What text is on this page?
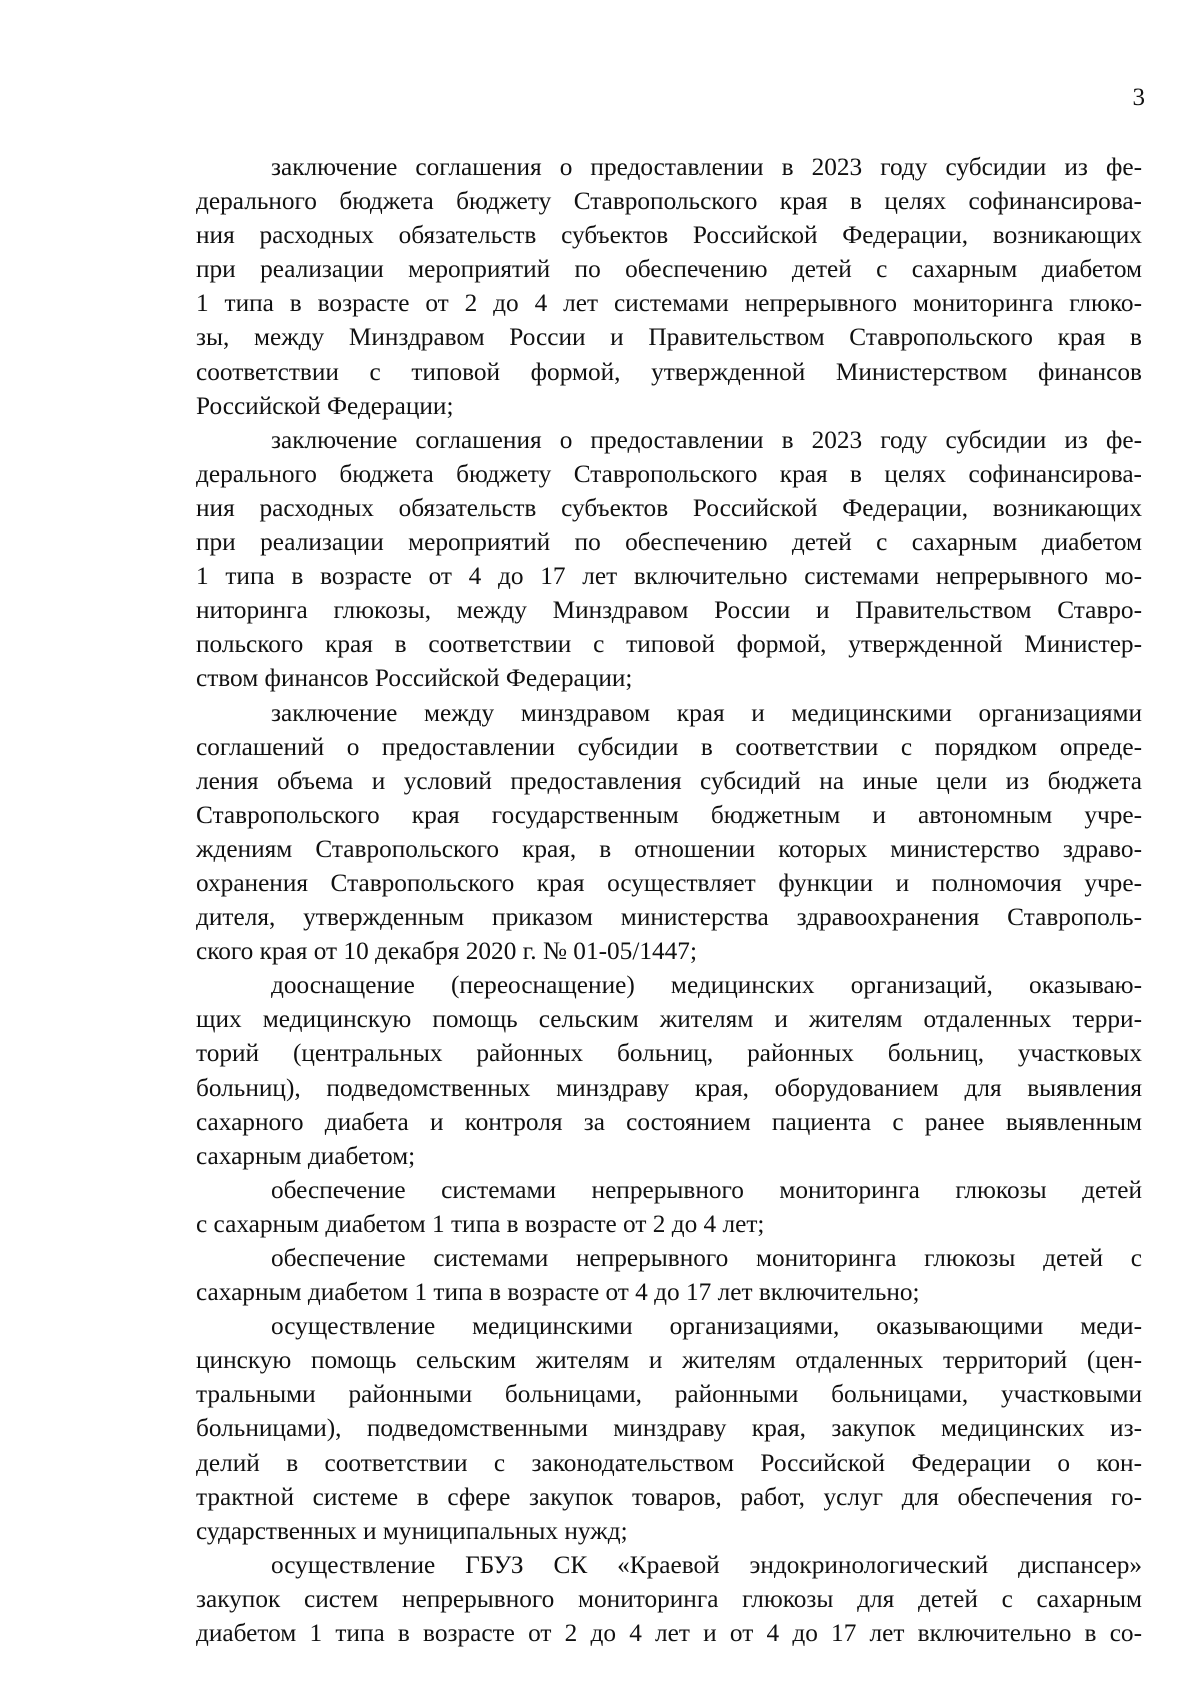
3
заключение соглашения о предоставлении в 2023 году субсидии из фе-
дерального бюджета бюджету Ставропольского края в целях софинансирова-
ния расходных обязательств субъектов Российской Федерации, возникающих
при реализации мероприятий по обеспечению детей с сахарным диабетом
1 типа в возрасте от 2 до 4 лет системами непрерывного мониторинга глюко-
зы, между Минздравом России и Правительством Ставропольского края в
соответствии с типовой формой, утвержденной Министерством финансов
Российской Федерации;
заключение соглашения о предоставлении в 2023 году субсидии из фе-
дерального бюджета бюджету Ставропольского края в целях софинансирова-
ния расходных обязательств субъектов Российской Федерации, возникающих
при реализации мероприятий по обеспечению детей с сахарным диабетом
1 типа в возрасте от 4 до 17 лет включительно системами непрерывного мо-
ниторинга глюкозы, между Минздравом России и Правительством Ставро-
польского края в соответствии с типовой формой, утвержденной Министер-
ством финансов Российской Федерации;
заключение между минздравом края и медицинскими организациями
соглашений о предоставлении субсидии в соответствии с порядком опреде-
ления объема и условий предоставления субсидий на иные цели из бюджета
Ставропольского края государственным бюджетным и автономным учре-
ждениям Ставропольского края, в отношении которых министерство здраво-
охранения Ставропольского края осуществляет функции и полномочия учре-
дителя, утвержденным приказом министерства здравоохранения Ставрополь-
ского края от 10 декабря 2020 г. № 01-05/1447;
дооснащение (переоснащение) медицинских организаций, оказываю-
щих медицинскую помощь сельским жителям и жителям отдаленных терри-
торий (центральных районных больниц, районных больниц, участковых
больниц), подведомственных минздраву края, оборудованием для выявления
сахарного диабета и контроля за состоянием пациента с ранее выявленным
сахарным диабетом;
обеспечение системами непрерывного мониторинга глюкозы детей
с сахарным диабетом 1 типа в возрасте от 2 до 4 лет;
обеспечение системами непрерывного мониторинга глюкозы детей с
сахарным диабетом 1 типа в возрасте от 4 до 17 лет включительно;
осуществление медицинскими организациями, оказывающими меди-
цинскую помощь сельским жителям и жителям отдаленных территорий (цен-
тральными районными больницами, районными больницами, участковыми
больницами), подведомственными минздраву края, закупок медицинских из-
делий в соответствии с законодательством Российской Федерации о кон-
трактной системе в сфере закупок товаров, работ, услуг для обеспечения го-
сударственных и муниципальных нужд;
осуществление ГБУЗ СК «Краевой эндокринологический диспансер»
закупок систем непрерывного мониторинга глюкозы для детей с сахарным
диабетом 1 типа в возрасте от 2 до 4 лет и от 4 до 17 лет включительно в со-
